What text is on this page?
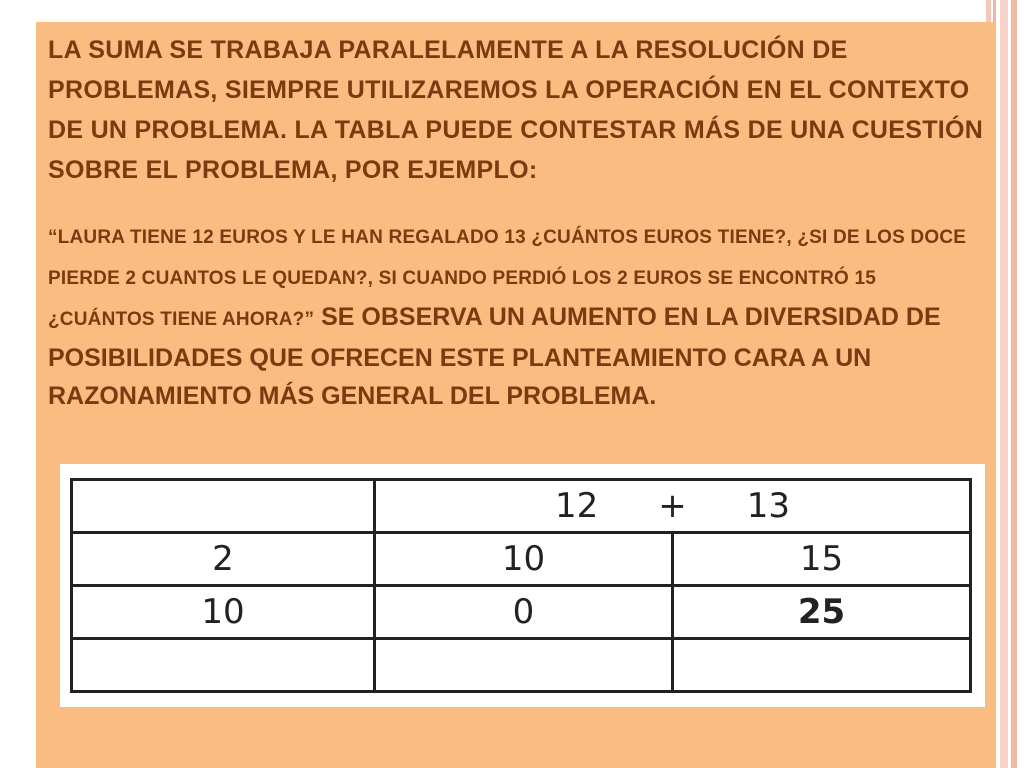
LA SUMA SE TRABAJA PARALELAMENTE A LA RESOLUCIÓN DE PROBLEMAS, SIEMPRE UTILIZAREMOS LA OPERACIÓN EN EL CONTEXTO DE UN PROBLEMA. LA TABLA PUEDE CONTESTAR MÁS DE UNA CUESTIÓN SOBRE EL PROBLEMA, POR EJEMPLO:

“LAURA TIENE 12 EUROS Y LE HAN REGALADO 13 ¿CUÁNTOS EUROS TIENE?, ¿SI DE LOS DOCE PIERDE 2 CUANTOS LE QUEDAN?, SI CUANDO PERDIÓ LOS 2 EUROS SE ENCONTRÓ 15 ¿CUÁNTOS TIENE AHORA?” SE OBSERVA UN AUMENTO EN LA DIVERSIDAD DE POSIBILIDADES QUE OFRECEN ESTE PLANTEAMIENTO CARA A UN RAZONAMIENTO MÁS GENERAL DEL PROBLEMA.

	12 + 13	
2	10	15
10	0	25
